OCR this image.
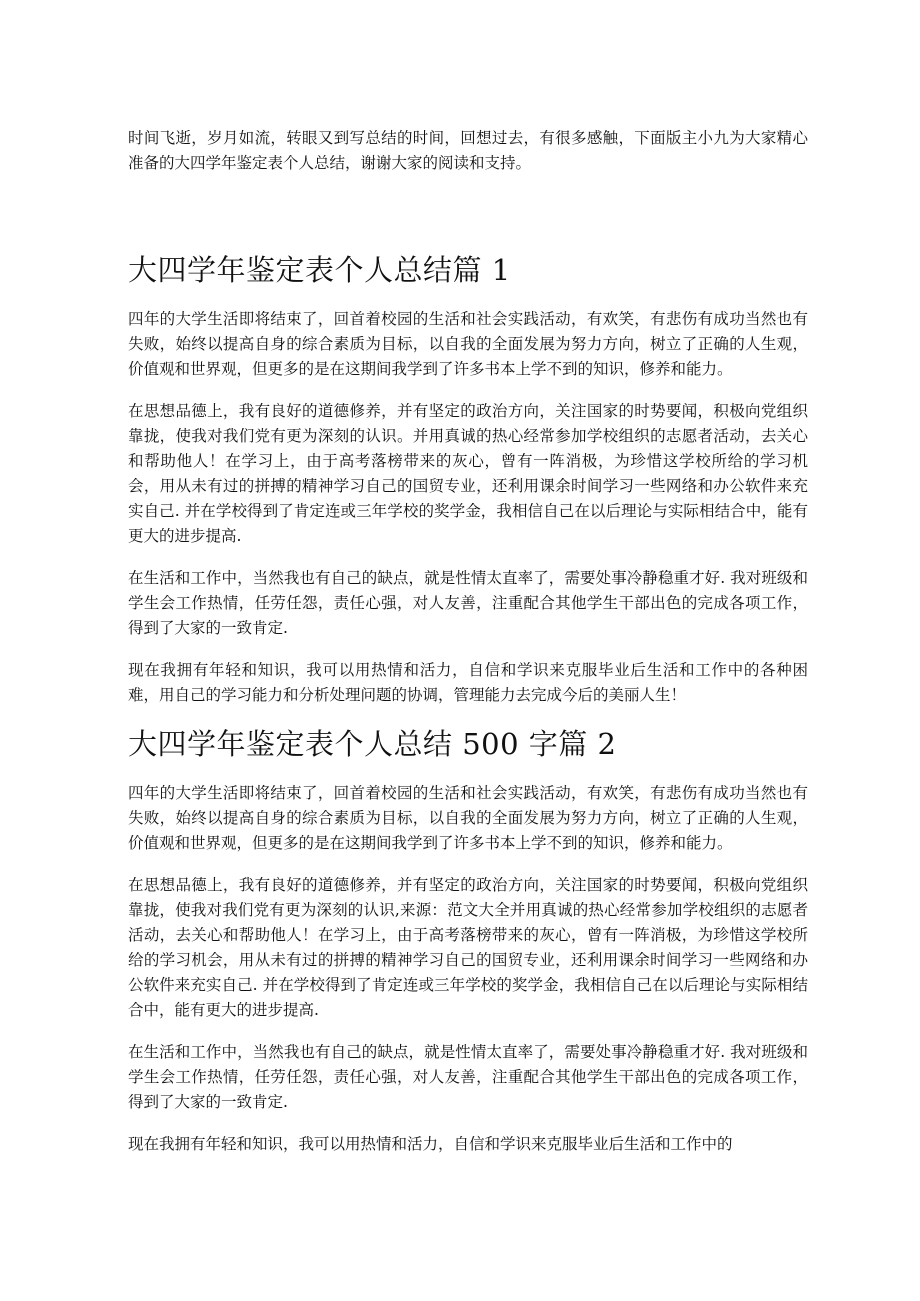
时间飞逝，岁月如流，转眼又到写总结的时间，回想过去，有很多感触，下面版主小九为大家精心准备的大四学年鉴定表个人总结，谢谢大家的阅读和支持。

大四学年鉴定表个人总结篇 1

四年的大学生活即将结束了，回首着校园的生活和社会实践活动，有欢笑，有悲伤有成功当然也有失败，始终以提高自身的综合素质为目标，以自我的全面发展为努力方向，树立了正确的人生观，价值观和世界观，但更多的是在这期间我学到了许多书本上学不到的知识，修养和能力。

在思想品德上，我有良好的道德修养，并有坚定的政治方向，关注国家的时势要闻，积极向党组织靠拢，使我对我们党有更为深刻的认识。并用真诚的热心经常参加学校组织的志愿者活动，去关心和帮助他人！在学习上，由于高考落榜带来的灰心，曾有一阵消极，为珍惜这学校所给的学习机会，用从未有过的拼搏的精神学习自己的国贸专业，还利用课余时间学习一些网络和办公软件来充实自己. 并在学校得到了肯定连或三年学校的奖学金，我相信自己在以后理论与实际相结合中，能有更大的进步提高.

在生活和工作中，当然我也有自己的缺点，就是性情太直率了，需要处事冷静稳重才好. 我对班级和学生会工作热情，任劳任怨，责任心强，对人友善，注重配合其他学生干部出色的完成各项工作，得到了大家的一致肯定.

现在我拥有年轻和知识，我可以用热情和活力，自信和学识来克服毕业后生活和工作中的各种困难，用自己的学习能力和分析处理问题的协调，管理能力去完成今后的美丽人生！

大四学年鉴定表个人总结 500 字篇 2

四年的大学生活即将结束了，回首着校园的生活和社会实践活动，有欢笑，有悲伤有成功当然也有失败，始终以提高自身的综合素质为目标，以自我的全面发展为努力方向，树立了正确的人生观，价值观和世界观，但更多的是在这期间我学到了许多书本上学不到的知识，修养和能力。

在思想品德上，我有良好的道德修养，并有坚定的政治方向，关注国家的时势要闻，积极向党组织靠拢，使我对我们党有更为深刻的认识,来源：范文大全并用真诚的热心经常参加学校组织的志愿者活动，去关心和帮助他人！在学习上，由于高考落榜带来的灰心，曾有一阵消极，为珍惜这学校所给的学习机会，用从未有过的拼搏的精神学习自己的国贸专业，还利用课余时间学习一些网络和办公软件来充实自己. 并在学校得到了肯定连或三年学校的奖学金，我相信自己在以后理论与实际相结合中，能有更大的进步提高.

在生活和工作中，当然我也有自己的缺点，就是性情太直率了，需要处事冷静稳重才好. 我对班级和学生会工作热情，任劳任怨，责任心强，对人友善，注重配合其他学生干部出色的完成各项工作，得到了大家的一致肯定.

现在我拥有年轻和知识，我可以用热情和活力，自信和学识来克服毕业后生活和工作中的
